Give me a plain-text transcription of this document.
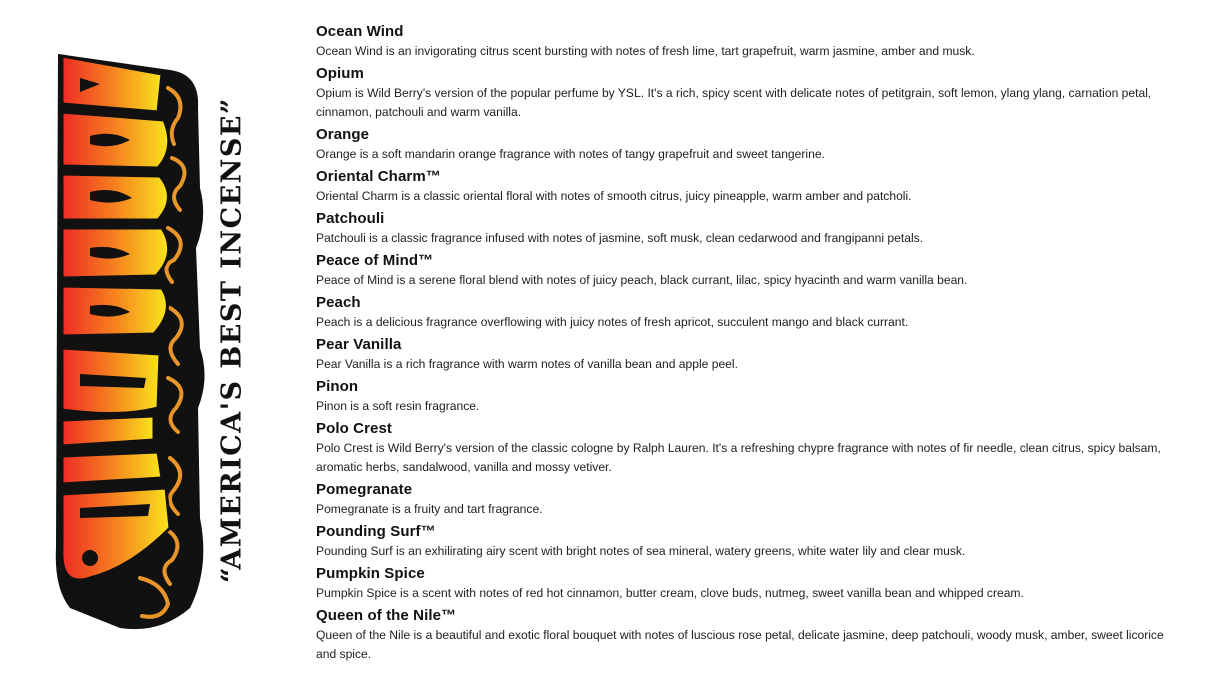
“AMERICA'S BEST INCENSE”
Ocean Wind
Ocean Wind is an invigorating citrus scent bursting with notes of fresh lime, tart grapefruit, warm jasmine, amber and musk.
Opium
Opium is Wild Berry's version of the popular perfume by YSL. It's a rich, spicy scent with delicate notes of petitgrain, soft lemon, ylang ylang, carnation petal, cinnamon, patchouli and warm vanilla.
Orange
Orange is a soft mandarin orange fragrance with notes of tangy grapefruit and sweet tangerine.
Oriental Charm™
Oriental Charm is a classic oriental floral with notes of smooth citrus, juicy pineapple, warm amber and patcholi.
Patchouli
Patchouli is a classic fragrance infused with notes of jasmine, soft musk, clean cedarwood and frangipanni petals.
Peace of Mind™
Peace of Mind is a serene floral blend with notes of juicy peach, black currant, lilac, spicy hyacinth and warm vanilla bean.
Peach
Peach is a delicious fragrance overflowing with juicy notes of fresh apricot, succulent mango and black currant.
Pear Vanilla
Pear Vanilla is a rich fragrance with warm notes of vanilla bean and apple peel.
Pinon
Pinon is a soft resin fragrance.
Polo Crest
Polo Crest is Wild Berry's version of the classic cologne by Ralph Lauren. It's a refreshing chypre fragrance with notes of fir needle, clean citrus, spicy balsam, aromatic herbs, sandalwood, vanilla and mossy vetiver.
Pomegranate
Pomegranate is a fruity and tart fragrance.
Pounding Surf™
Pounding Surf is an exhilirating airy scent with bright notes of sea mineral, watery greens, white water lily and clear musk.
Pumpkin Spice
Pumpkin Spice is a scent with notes of red hot cinnamon, butter cream, clove buds, nutmeg, sweet vanilla bean and whipped cream.
Queen of the Nile™
Queen of the Nile is a beautiful and exotic floral bouquet with notes of luscious rose petal, delicate jasmine, deep patchouli, woody musk, amber, sweet licorice and spice.
